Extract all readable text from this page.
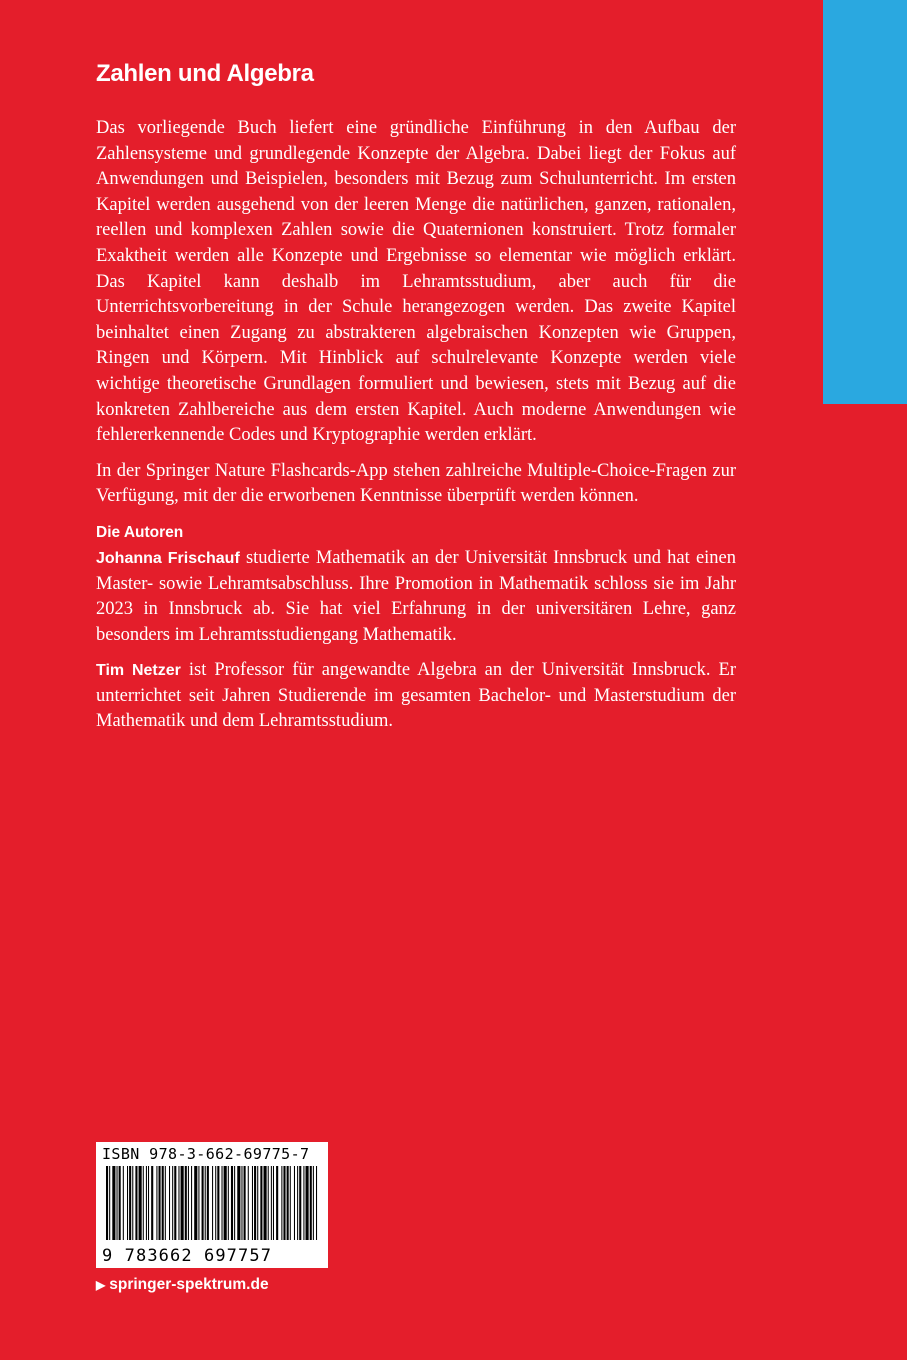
Zahlen und Algebra

Das vorliegende Buch liefert eine gründliche Einführung in den Aufbau der Zahlensysteme und grundlegende Konzepte der Algebra. Dabei liegt der Fokus auf Anwendungen und Beispielen, besonders mit Bezug zum Schulunterricht. Im ersten Kapitel werden ausgehend von der leeren Menge die natürlichen, ganzen, rationalen, reellen und komplexen Zahlen sowie die Quaternionen konstruiert. Trotz formaler Exaktheit werden alle Konzepte und Ergebnisse so elementar wie möglich erklärt. Das Kapitel kann deshalb im Lehramtsstudium, aber auch für die Unterrichtsvorbereitung in der Schule herangezogen werden. Das zweite Kapitel beinhaltet einen Zugang zu abstrakteren algebraischen Konzepten wie Gruppen, Ringen und Körpern. Mit Hinblick auf schulrelevante Konzepte werden viele wichtige theoretische Grundlagen formuliert und bewiesen, stets mit Bezug auf die konkreten Zahlbereiche aus dem ersten Kapitel. Auch moderne Anwendungen wie fehlererkennende Codes und Kryptographie werden erklärt.

In der Springer Nature Flashcards-App stehen zahlreiche Multiple-Choice-Fragen zur Verfügung, mit der die erworbenen Kenntnisse überprüft werden können.

Die Autoren

Johanna Frischauf studierte Mathematik an der Universität Innsbruck und hat einen Master- sowie Lehramtsabschluss. Ihre Promotion in Mathematik schloss sie im Jahr 2023 in Innsbruck ab. Sie hat viel Erfahrung in der universitären Lehre, ganz besonders im Lehramtsstudiengang Mathematik.

Tim Netzer ist Professor für angewandte Algebra an der Universität Innsbruck. Er unterrichtet seit Jahren Studierende im gesamten Bachelor- und Masterstudium der Mathematik und dem Lehramtsstudium.

ISBN 978-3-662-69775-7
9 783662 697757
▶ springer-spektrum.de
